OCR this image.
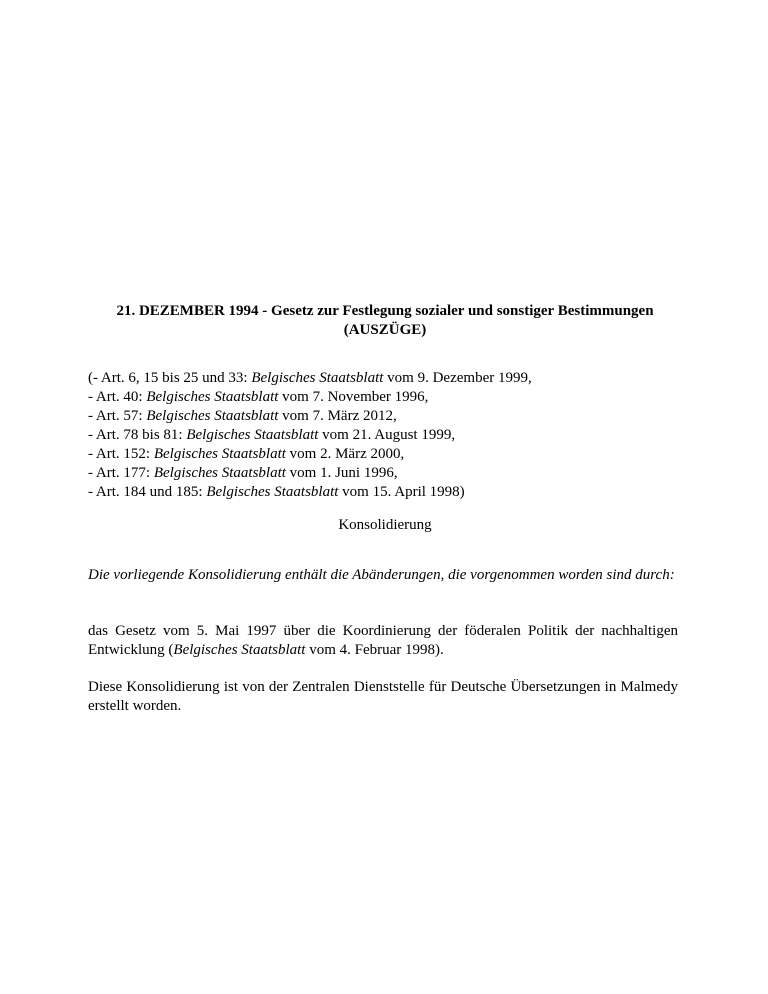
21. DEZEMBER 1994 - Gesetz zur Festlegung sozialer und sonstiger Bestimmungen
(AUSZÜGE)
(- Art. 6, 15 bis 25 und 33: Belgisches Staatsblatt vom 9. Dezember 1999,
- Art. 40: Belgisches Staatsblatt vom 7. November 1996,
- Art. 57: Belgisches Staatsblatt vom 7. März 2012,
- Art. 78 bis 81: Belgisches Staatsblatt vom 21. August 1999,
- Art. 152: Belgisches Staatsblatt vom 2. März 2000,
- Art. 177: Belgisches Staatsblatt vom 1. Juni 1996,
- Art. 184 und 185: Belgisches Staatsblatt vom 15. April 1998)
Konsolidierung
Die vorliegende Konsolidierung enthält die Abänderungen, die vorgenommen worden sind durch:
das Gesetz vom 5. Mai 1997 über die Koordinierung der föderalen Politik der nachhaltigen Entwicklung (Belgisches Staatsblatt vom 4. Februar 1998).
Diese Konsolidierung ist von der Zentralen Dienststelle für Deutsche Übersetzungen in Malmedy erstellt worden.
